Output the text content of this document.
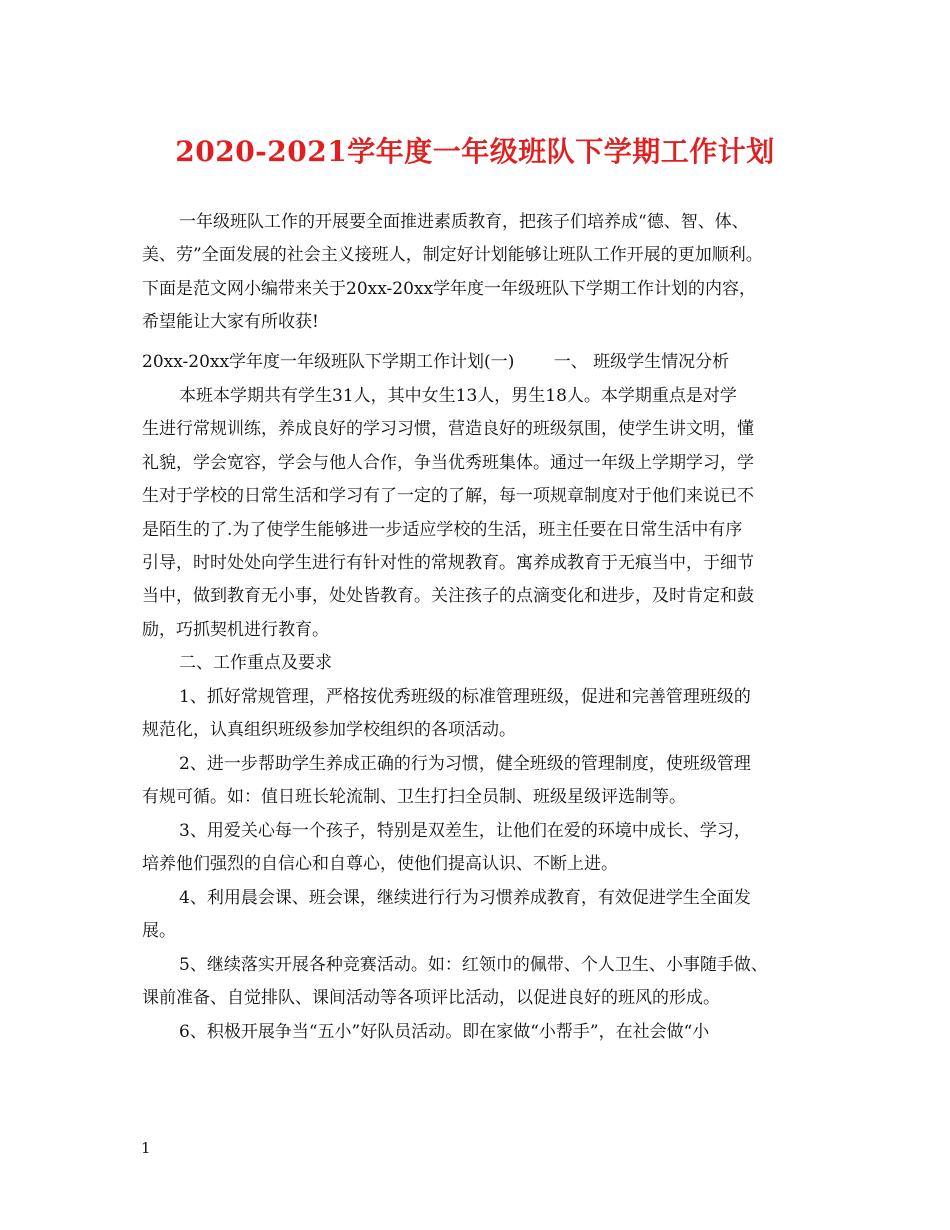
2020-2021学年度一年级班队下学期工作计划
一年级班队工作的开展要全面推进素质教育，把孩子们培养成“德、智、体、
美、劳”全面发展的社会主义接班人，制定好计划能够让班队工作开展的更加顺利。
下面是范文网小编带来关于20xx-20xx学年度一年级班队下学期工作计划的内容，
希望能让大家有所收获!
20xx-20xx学年度一年级班队下学期工作计划(一)　　 一、 班级学生情况分析
本班本学期共有学生31人，其中女生13人，男生18人。本学期重点是对学
生进行常规训练，养成良好的学习习惯，营造良好的班级氛围，使学生讲文明，懂
礼貌，学会宽容，学会与他人合作，争当优秀班集体。通过一年级上学期学习，学
生对于学校的日常生活和学习有了一定的了解，每一项规章制度对于他们来说已不
是陌生的了.为了使学生能够进一步适应学校的生活，班主任要在日常生活中有序
引导，时时处处向学生进行有针对性的常规教育。寓养成教育于无痕当中，于细节
当中，做到教育无小事，处处皆教育。关注孩子的点滴变化和进步，及时肯定和鼓
励，巧抓契机进行教育。
二、工作重点及要求
1、抓好常规管理，严格按优秀班级的标准管理班级，促进和完善管理班级的
规范化，认真组织班级参加学校组织的各项活动。
2、进一步帮助学生养成正确的行为习惯，健全班级的管理制度，使班级管理
有规可循。如：值日班长轮流制、卫生打扫全员制、班级星级评选制等。
3、用爱关心每一个孩子，特别是双差生，让他们在爱的环境中成长、学习，
培养他们强烈的自信心和自尊心，使他们提高认识、不断上进。
4、利用晨会课、班会课，继续进行行为习惯养成教育，有效促进学生全面发
展。
5、继续落实开展各种竞赛活动。如：红领巾的佩带、个人卫生、小事随手做、
课前准备、自觉排队、课间活动等各项评比活动，以促进良好的班风的形成。
6、积极开展争当“五小”好队员活动。即在家做“小帮手”，在社会做“小
1
